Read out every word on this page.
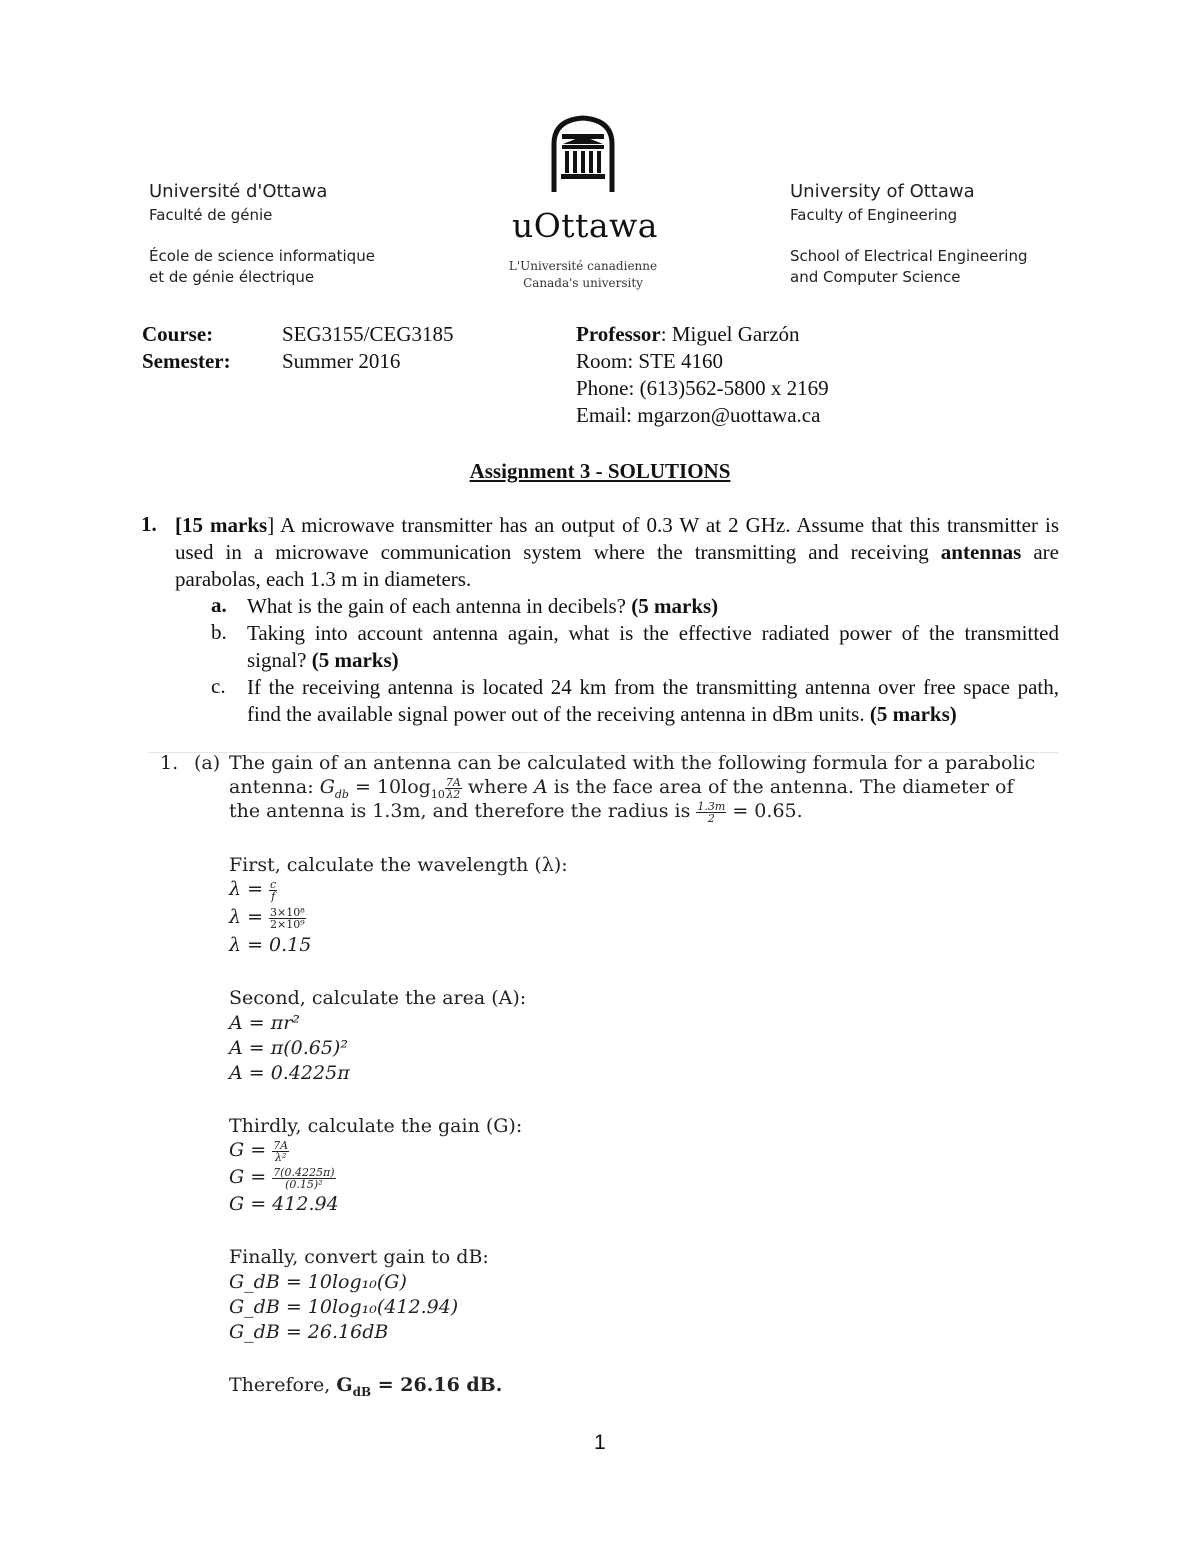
Université d'Ottawa
Faculté de génie
École de science informatique
et de génie électrique
uOttawa
L'Université canadienne
Canada's university
University of Ottawa
Faculty of Engineering
School of Electrical Engineering
and Computer Science
Course:	SEG3155/CEG3185
Semester: Summer 2016
Professor: Miguel Garzón
Room: STE 4160
Phone: (613)562-5800 x 2169
Email: mgarzon@uottawa.ca
Assignment 3 - SOLUTIONS
1. [15 marks] A microwave transmitter has an output of 0.3 W at 2 GHz. Assume that this transmitter is used in a microwave communication system where the transmitting and receiving antennas are parabolas, each 1.3 m in diameters.
a. What is the gain of each antenna in decibels? (5 marks)
b. Taking into account antenna again, what is the effective radiated power of the transmitted signal? (5 marks)
c. If the receiving antenna is located 24 km from the transmitting antenna over free space path, find the available signal power out of the receiving antenna in dBm units. (5 marks)
1. (a) The gain of an antenna can be calculated with the following formula for a parabolic
antenna: $G_{db} = 10\log_{10} \frac{7A}{\lambda 2}$ where A is the face area of the antenna. The diameter of
the antenna is 1.3m, and therefore the radius is $\frac{1.3m}{2} = 0.65$.
First, calculate the wavelength (λ):
$\lambda = \frac{c}{f}$
$\lambda = \frac{\text{3×10⁸}}{\text{2×10⁹}}$
λ = 0.15
Second, calculate the area (A):
A = πr²
A = π(0.65)²
A = 0.4225π
Thirdly, calculate the gain (G):
$G = \frac{7A}{\text{λ²}}$
$G = \frac{7(0.4225\pi)}{\text{(0.15)²}}$
G = 412.94
Finally, convert gain to dB:
G_dB = 10log₁₀(G)
G_dB = 10log₁₀(412.94)
G_dB = 26.16dB
Therefore, $G_{dB} = 26.16$ dB.
1
